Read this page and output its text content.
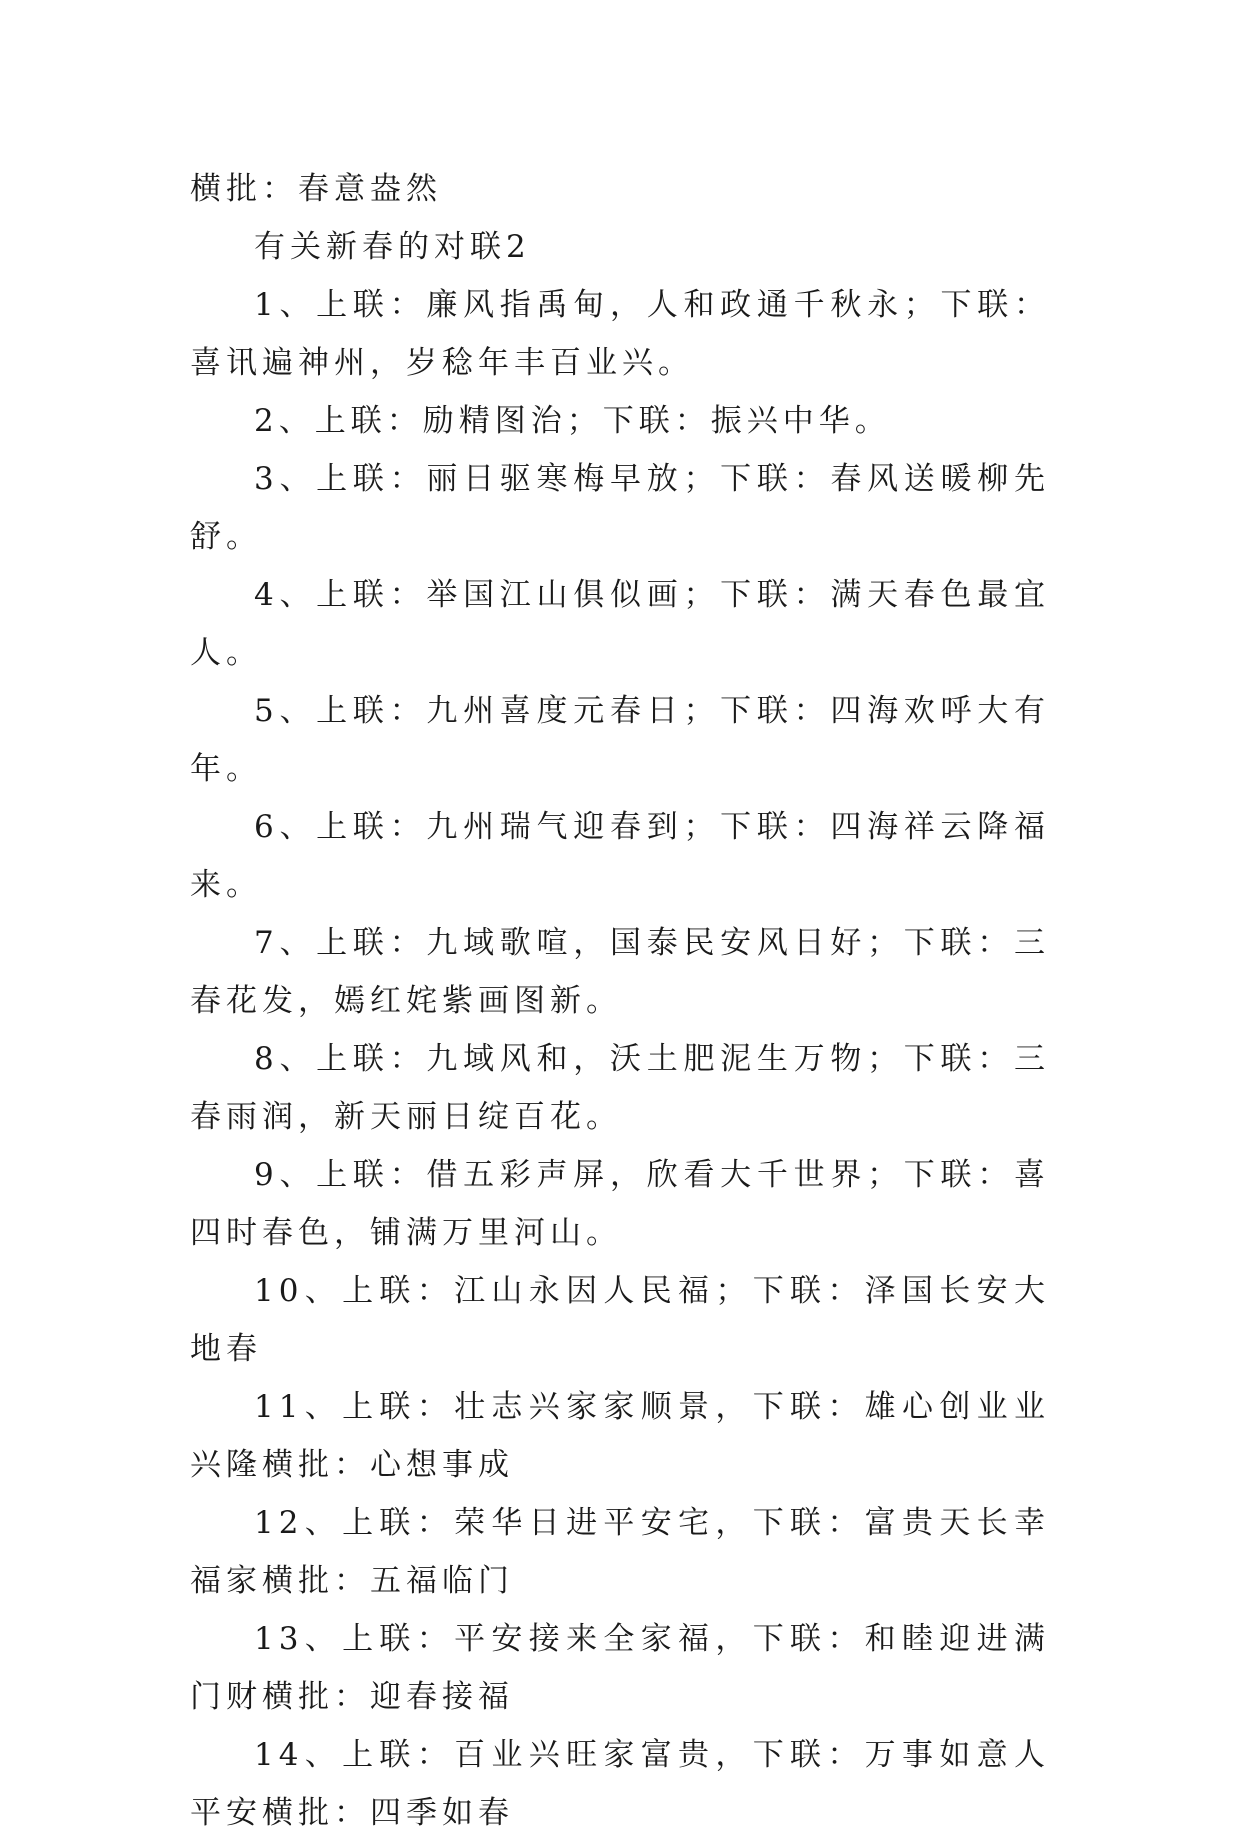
横批：春意盎然

有关新春的对联2

1、上联：廉风指禹甸，人和政通千秋永；下联：喜讯遍神州，岁稔年丰百业兴。

2、上联：励精图治；下联：振兴中华。

3、上联：丽日驱寒梅早放；下联：春风送暖柳先舒。

4、上联：举国江山俱似画；下联：满天春色最宜人。

5、上联：九州喜度元春日；下联：四海欢呼大有年。

6、上联：九州瑞气迎春到；下联：四海祥云降福来。

7、上联：九域歌喧，国泰民安风日好；下联：三春花发，嫣红姹紫画图新。

8、上联：九域风和，沃土肥泥生万物；下联：三春雨润，新天丽日绽百花。

9、上联：借五彩声屏，欣看大千世界；下联：喜四时春色，铺满万里河山。

10、上联：江山永因人民福；下联：泽国长安大地春

11、上联：壮志兴家家顺景，下联：雄心创业业兴隆横批：心想事成

12、上联：荣华日进平安宅，下联：富贵天长幸福家横批：五福临门

13、上联：平安接来全家福，下联：和睦迎进满门财横批：迎春接福

14、上联：百业兴旺家富贵，下联：万事如意人平安横批：四季如春
